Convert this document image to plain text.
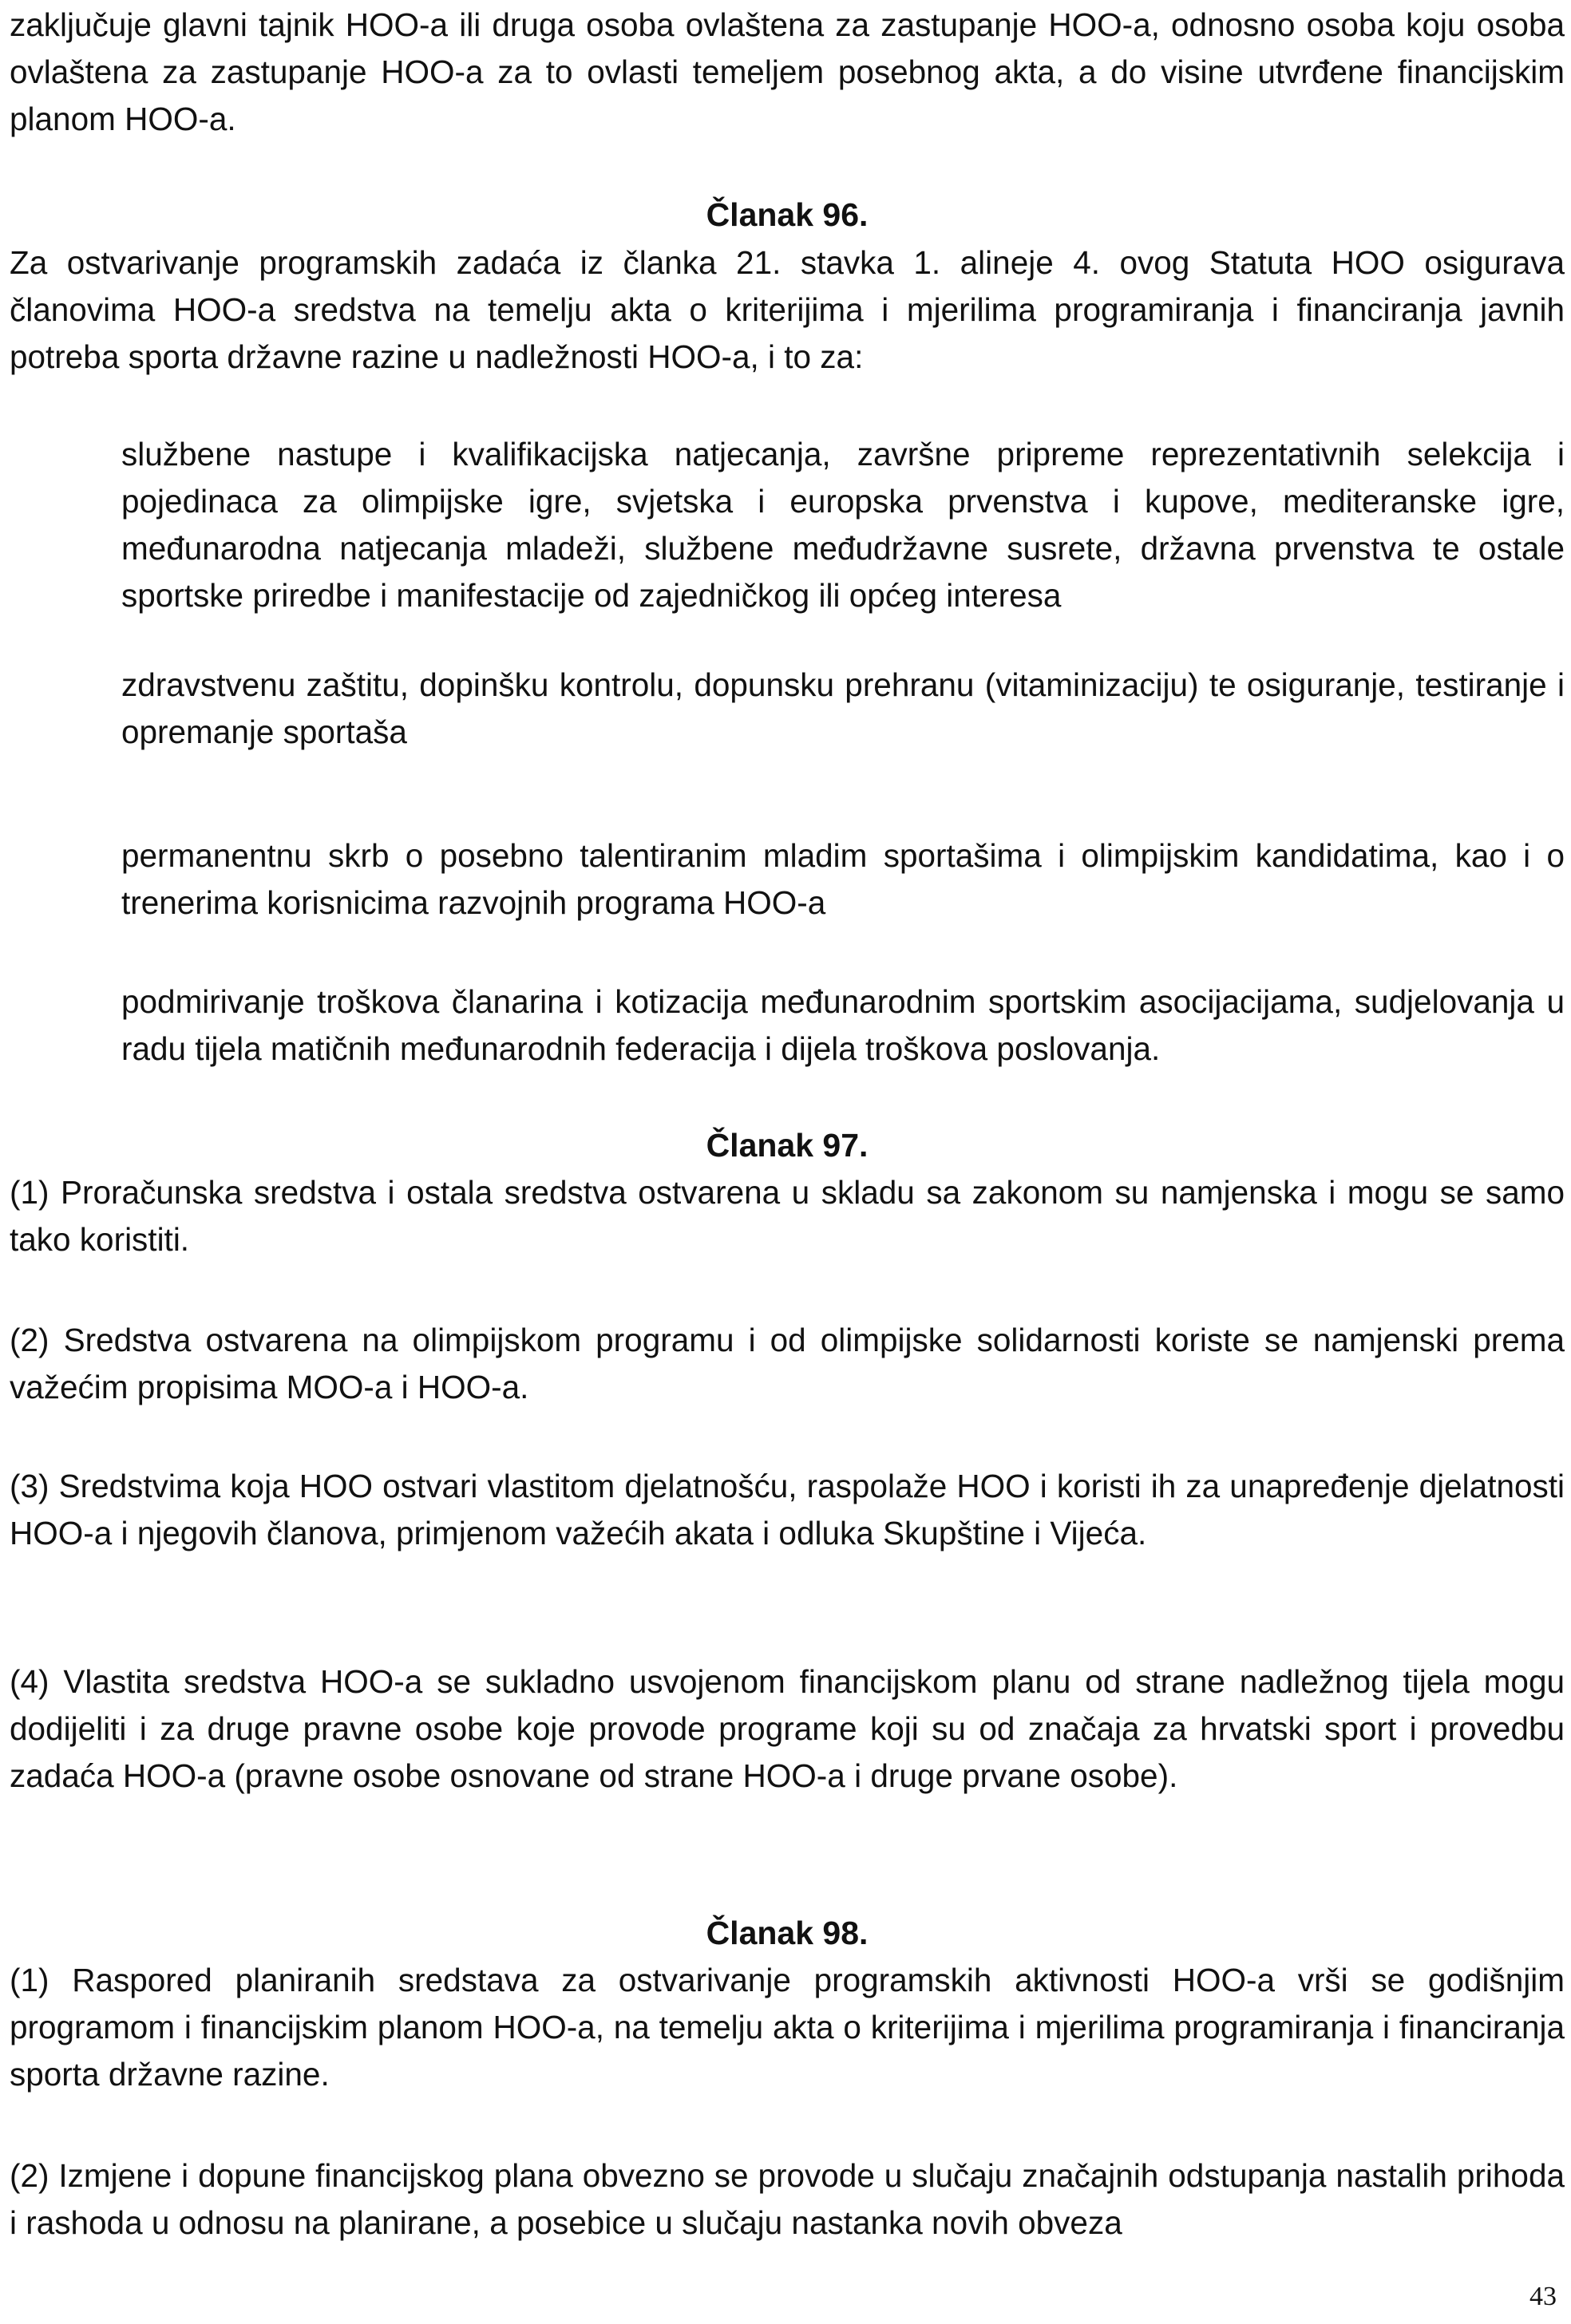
zaključuje glavni tajnik HOO-a ili druga osoba ovlaštena za zastupanje HOO-a, odnosno osoba koju osoba ovlaštena za zastupanje HOO-a za to ovlasti temeljem posebnog akta, a do visine utvrđene financijskim planom HOO-a.

Članak 96.

Za ostvarivanje programskih zadaća iz članka 21. stavka 1. alineje 4. ovog Statuta HOO osigurava članovima HOO-a sredstva na temelju akta o kriterijima i mjerilima programiranja i financiranja javnih potreba sporta državne razine u nadležnosti HOO-a, i to za:

službene nastupe i kvalifikacijska natjecanja, završne pripreme reprezentativnih selekcija i pojedinaca za olimpijske igre, svjetska i europska prvenstva i kupove, mediteranske igre, međunarodna natjecanja mladeži, službene međudržavne susrete, državna prvenstva te ostale sportske priredbe i manifestacije od zajedničkog ili općeg interesa

zdravstvenu zaštitu, dopinšku kontrolu, dopunsku prehranu (vitaminizaciju) te osiguranje, testiranje i opremanje sportaša

permanentnu skrb o posebno talentiranim mladim sportašima i olimpijskim kandidatima, kao i o trenerima korisnicima razvojnih programa HOO-a

podmirivanje troškova članarina i kotizacija međunarodnim sportskim asocijacijama, sudjelovanja u radu tijela matičnih međunarodnih federacija i dijela troškova poslovanja.

Članak 97.

(1) Proračunska sredstva i ostala sredstva ostvarena u skladu sa zakonom su namjenska i mogu se samo tako koristiti.

(2) Sredstva ostvarena na olimpijskom programu i od olimpijske solidarnosti koriste se namjenski prema važećim propisima MOO-a i HOO-a.

(3) Sredstvima koja HOO ostvari vlastitom djelatnošću, raspolaže HOO i koristi ih za unapređenje djelatnosti HOO-a i njegovih članova, primjenom važećih akata i odluka Skupštine i Vijeća.

(4) Vlastita sredstva HOO-a se sukladno usvojenom financijskom planu od strane nadležnog tijela mogu dodijeliti i za druge pravne osobe koje provode programe koji su od značaja za hrvatski sport i provedbu zadaća HOO-a (pravne osobe osnovane od strane HOO-a i druge prvane osobe).

Članak 98.

(1) Raspored planiranih sredstava za ostvarivanje programskih aktivnosti HOO-a vrši se godišnjim programom i financijskim planom HOO-a, na temelju akta o kriterijima i mjerilima programiranja i financiranja sporta državne razine.

(2) Izmjene i dopune financijskog plana obvezno se provode u slučaju značajnih odstupanja nastalih prihoda i rashoda u odnosu na planirane, a posebice u slučaju nastanka novih obveza

43
